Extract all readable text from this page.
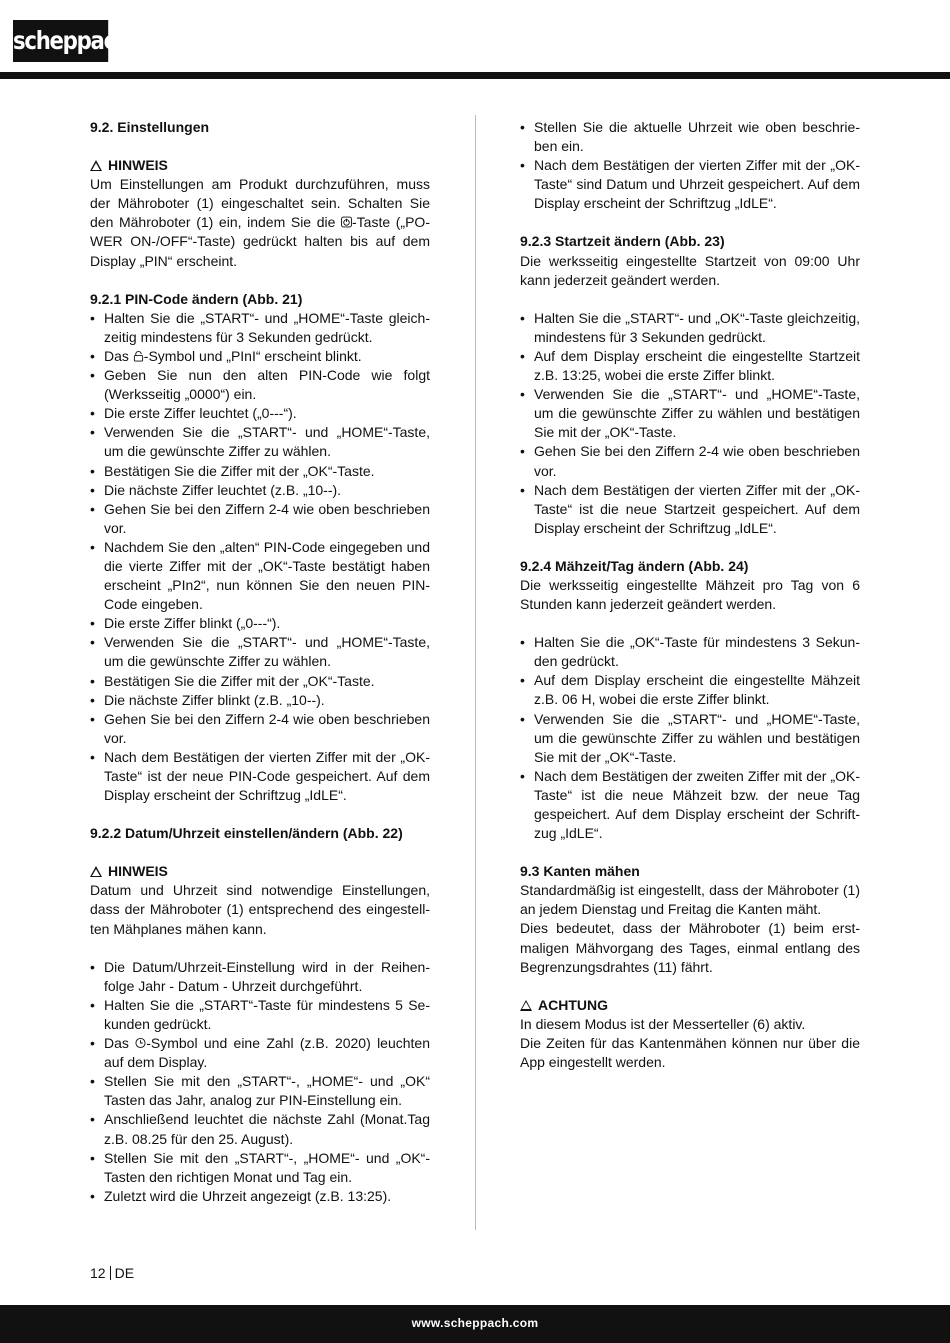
scheppach
9.2. Einstellungen
HINWEIS
Um Einstellungen am Produkt durchzuführen, muss der Mähroboter (1) eingeschaltet sein. Schalten Sie den Mähroboter (1) ein, indem Sie die -Taste („POWER ON-/OFF“-Taste) gedrückt halten bis auf dem Display „PIN“ erscheint.
9.2.1 PIN-Code ändern (Abb. 21)
• Halten Sie die „START“- und „HOME“-Taste gleichzeitig mindestens für 3 Sekunden gedrückt.
• Das -Symbol und „PInI“ erscheint blinkt.
• Geben Sie nun den alten PIN-Code wie folgt (Werksseitig „0000“) ein.
• Die erste Ziffer leuchtet („0---“).
• Verwenden Sie die „START“- und „HOME“-Taste, um die gewünschte Ziffer zu wählen.
• Bestätigen Sie die Ziffer mit der „OK“-Taste.
• Die nächste Ziffer leuchtet (z.B. „10--).
• Gehen Sie bei den Ziffern 2-4 wie oben beschrieben vor.
• Nachdem Sie den „alten“ PIN-Code eingegeben und die vierte Ziffer mit der „OK“-Taste bestätigt haben erscheint „PIn2“, nun können Sie den neuen PIN-Code eingeben.
• Die erste Ziffer blinkt („0---“).
• Verwenden Sie die „START“- und „HOME“-Taste, um die gewünschte Ziffer zu wählen.
• Bestätigen Sie die Ziffer mit der „OK“-Taste.
• Die nächste Ziffer blinkt (z.B. „10--).
• Gehen Sie bei den Ziffern 2-4 wie oben beschrieben vor.
• Nach dem Bestätigen der vierten Ziffer mit der „OK-Taste“ ist der neue PIN-Code gespeichert. Auf dem Display erscheint der Schriftzug „IdLE“.
9.2.2 Datum/Uhrzeit einstellen/ändern (Abb. 22)
HINWEIS
Datum und Uhrzeit sind notwendige Einstellungen, dass der Mähroboter (1) entsprechend des eingestellten Mähplanes mähen kann.
• Die Datum/Uhrzeit-Einstellung wird in der Reihenfolge Jahr - Datum - Uhrzeit durchgeführt.
• Halten Sie die „START“-Taste für mindestens 5 Sekunden gedrückt.
• Das -Symbol und eine Zahl (z.B. 2020) leuchten auf dem Display.
• Stellen Sie mit den „START“-, „HOME“- und „OK“ Tasten das Jahr, analog zur PIN-Einstellung ein.
• Anschließend leuchtet die nächste Zahl (Monat.Tag z.B. 08.25 für den 25. August).
• Stellen Sie mit den „START“-, „HOME“- und „OK“-Tasten den richtigen Monat und Tag ein.
• Zuletzt wird die Uhrzeit angezeigt (z.B. 13:25).
• Stellen Sie die aktuelle Uhrzeit wie oben beschrieben ein.
• Nach dem Bestätigen der vierten Ziffer mit der „OK-Taste“ sind Datum und Uhrzeit gespeichert. Auf dem Display erscheint der Schriftzug „IdLE“.
9.2.3 Startzeit ändern (Abb. 23)
Die werksseitig eingestellte Startzeit von 09:00 Uhr kann jederzeit geändert werden.
• Halten Sie die „START“- und „OK“-Taste gleichzeitig, mindestens für 3 Sekunden gedrückt.
• Auf dem Display erscheint die eingestellte Startzeit z.B. 13:25, wobei die erste Ziffer blinkt.
• Verwenden Sie die „START“- und „HOME“-Taste, um die gewünschte Ziffer zu wählen und bestätigen Sie mit der „OK“-Taste.
• Gehen Sie bei den Ziffern 2-4 wie oben beschrieben vor.
• Nach dem Bestätigen der vierten Ziffer mit der „OK-Taste“ ist die neue Startzeit gespeichert. Auf dem Display erscheint der Schriftzug „IdLE“.
9.2.4 Mähzeit/Tag ändern (Abb. 24)
Die werksseitig eingestellte Mähzeit pro Tag von 6 Stunden kann jederzeit geändert werden.
• Halten Sie die „OK“-Taste für mindestens 3 Sekunden gedrückt.
• Auf dem Display erscheint die eingestellte Mähzeit z.B. 06 H, wobei die erste Ziffer blinkt.
• Verwenden Sie die „START“- und „HOME“-Taste, um die gewünschte Ziffer zu wählen und bestätigen Sie mit der „OK“-Taste.
• Nach dem Bestätigen der zweiten Ziffer mit der „OK-Taste“ ist die neue Mähzeit bzw. der neue Tag gespeichert. Auf dem Display erscheint der Schriftzug „IdLE“.
9.3 Kanten mähen
Standardmäßig ist eingestellt, dass der Mähroboter (1) an jedem Dienstag und Freitag die Kanten mäht.
Dies bedeutet, dass der Mähroboter (1) beim erstmaligen Mähvorgang des Tages, einmal entlang des Begrenzungsdrahtes (11) fährt.
ACHTUNG
In diesem Modus ist der Messerteller (6) aktiv.
Die Zeiten für das Kantenmähen können nur über die App eingestellt werden.
12 DE
www.scheppach.com
